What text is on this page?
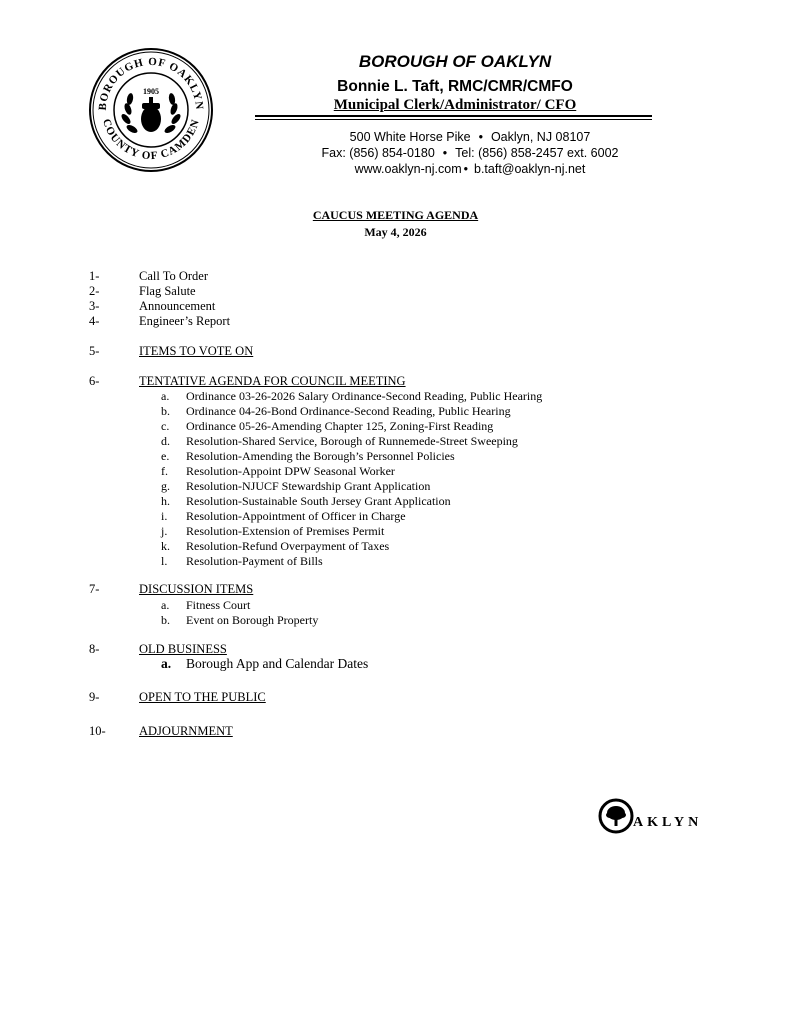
BOROUGH OF OAKLYN
COUNTY OF CAMDEN
1905
BOROUGH OF OAKLYN
Bonnie L. Taft, RMC/CMR/CMFO
Municipal Clerk/Administrator/ CFO
500 White Horse Pike • Oaklyn, NJ 08107
Fax: (856) 854-0180 • Tel: (856) 858-2457 ext. 6002
www.oaklyn-nj.com • b.taft@oaklyn-nj.net
CAUCUS MEETING AGENDA
May 4, 2026
1-	Call To Order
2-	Flag Salute
3-	Announcement
4-	Engineer’s Report
5-	ITEMS TO VOTE ON
6-	TENTATIVE AGENDA FOR COUNCIL MEETING
a. Ordinance 03-26-2026 Salary Ordinance-Second Reading, Public Hearing
b. Ordinance 04-26-Bond Ordinance-Second Reading, Public Hearing
c. Ordinance 05-26-Amending Chapter 125, Zoning-First Reading
d. Resolution-Shared Service, Borough of Runnemede-Street Sweeping
e. Resolution-Amending the Borough’s Personnel Policies
f. Resolution-Appoint DPW Seasonal Worker
g. Resolution-NJUCF Stewardship Grant Application
h. Resolution-Sustainable South Jersey Grant Application
i. Resolution-Appointment of Officer in Charge
j. Resolution-Extension of Premises Permit
k. Resolution-Refund Overpayment of Taxes
l. Resolution-Payment of Bills
7-	DISCUSSION ITEMS
a. Fitness Court
b. Event on Borough Property
8-	OLD BUSINESS
a. Borough App and Calendar Dates
9-	OPEN TO THE PUBLIC
10-	ADJOURNMENT
AKLYN
